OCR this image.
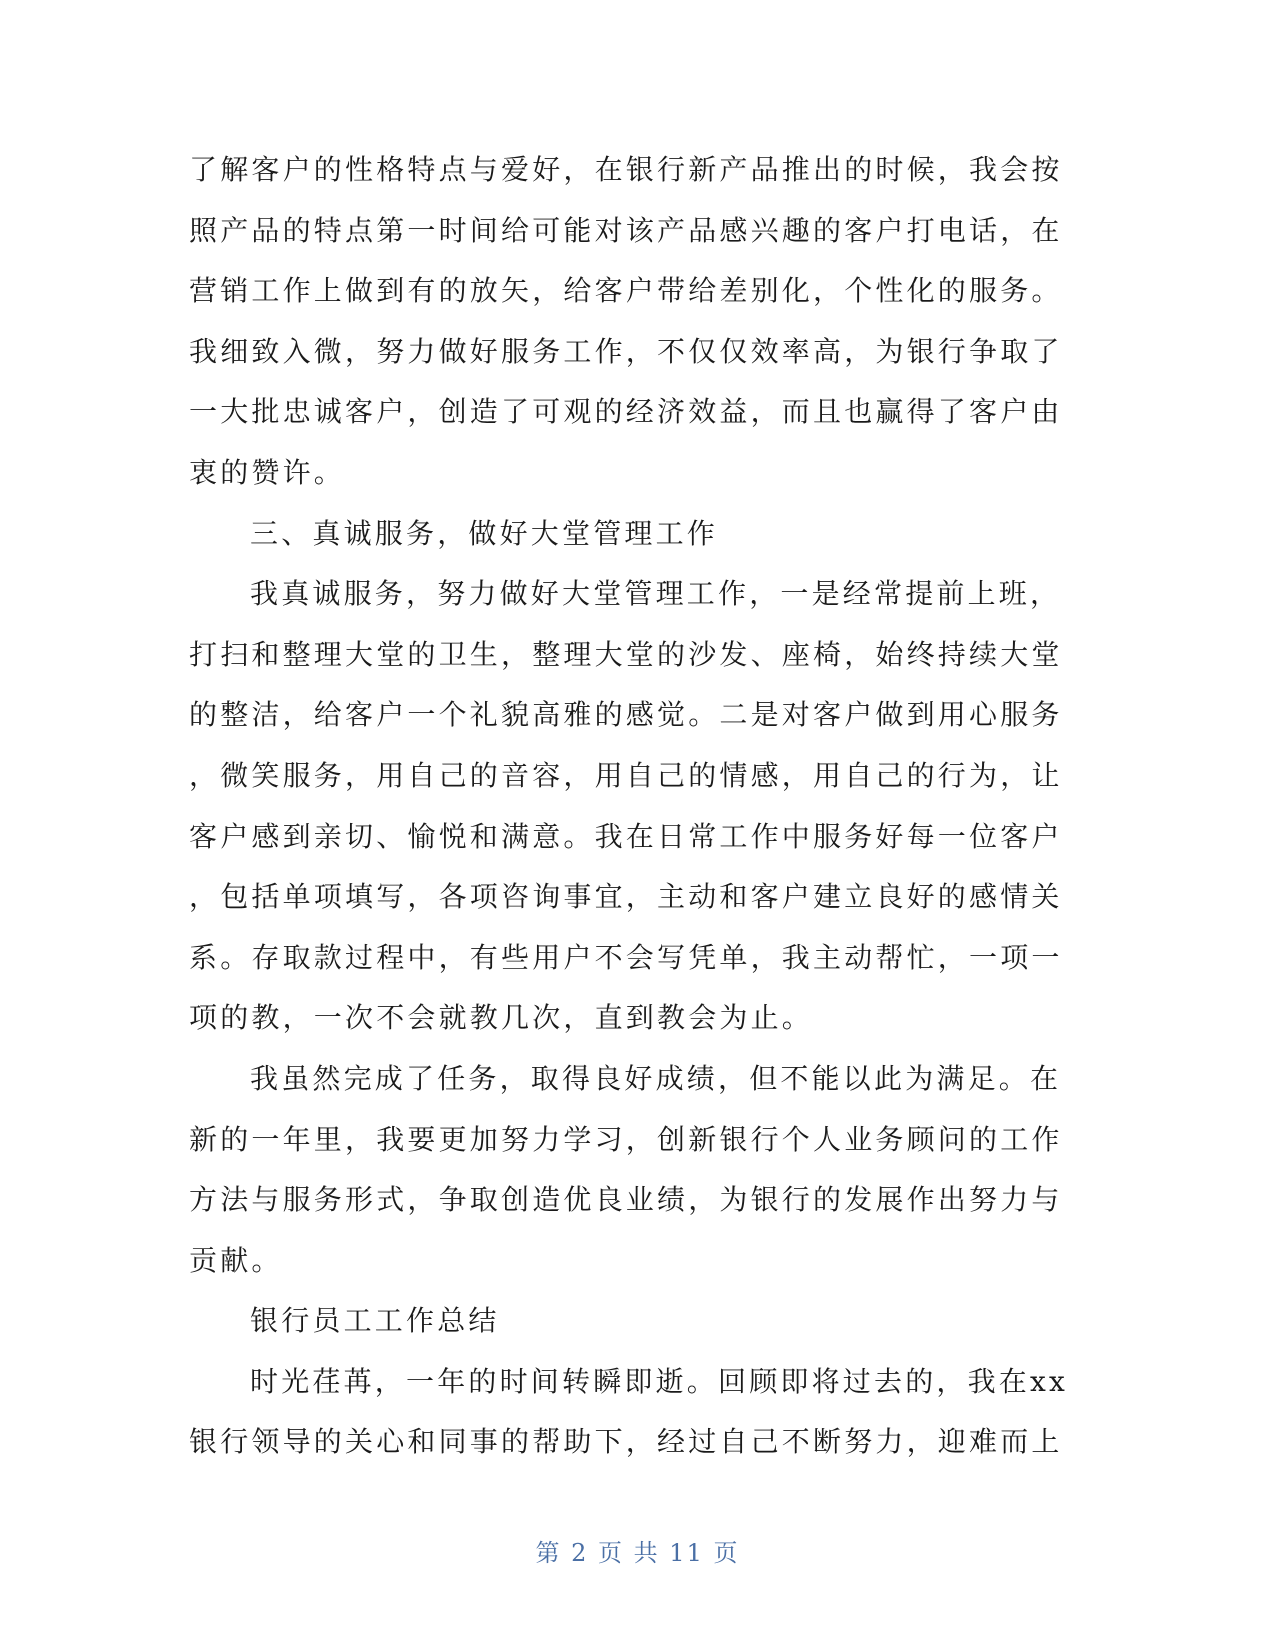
了解客户的性格特点与爱好，在银行新产品推出的时候，我会按
照产品的特点第一时间给可能对该产品感兴趣的客户打电话，在
营销工作上做到有的放矢，给客户带给差别化，个性化的服务。
我细致入微，努力做好服务工作，不仅仅效率高，为银行争取了
一大批忠诚客户，创造了可观的经济效益，而且也赢得了客户由
衷的赞许。
三、真诚服务，做好大堂管理工作
我真诚服务，努力做好大堂管理工作，一是经常提前上班，
打扫和整理大堂的卫生，整理大堂的沙发、座椅，始终持续大堂
的整洁，给客户一个礼貌高雅的感觉。二是对客户做到用心服务
，微笑服务，用自己的音容，用自己的情感，用自己的行为，让
客户感到亲切、愉悦和满意。我在日常工作中服务好每一位客户
，包括单项填写，各项咨询事宜，主动和客户建立良好的感情关
系。存取款过程中，有些用户不会写凭单，我主动帮忙，一项一
项的教，一次不会就教几次，直到教会为止。
我虽然完成了任务，取得良好成绩，但不能以此为满足。在
新的一年里，我要更加努力学习，创新银行个人业务顾问的工作
方法与服务形式，争取创造优良业绩，为银行的发展作出努力与
贡献。
银行员工工作总结
时光荏苒，一年的时间转瞬即逝。回顾即将过去的，我在xx
银行领导的关心和同事的帮助下，经过自己不断努力，迎难而上
第 2 页 共 11 页
